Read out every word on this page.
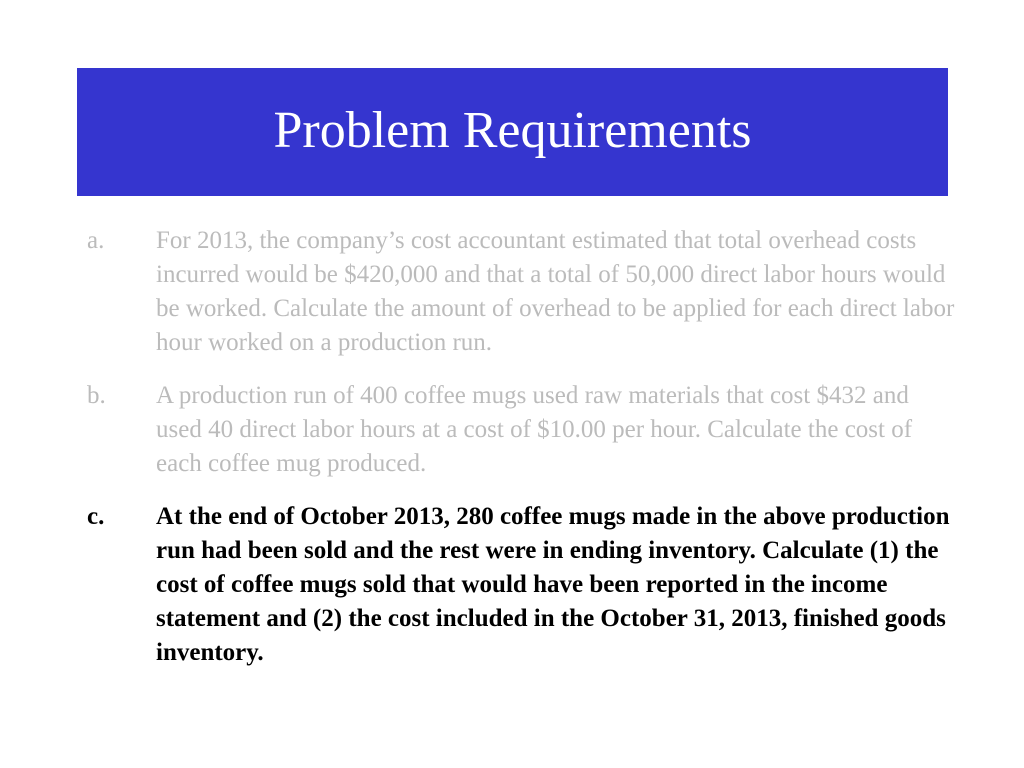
Problem Requirements
a.	For 2013, the company’s cost accountant estimated that total overhead costs incurred would be $420,000 and that a total of 50,000 direct labor hours would be worked. Calculate the amount of overhead to be applied for each direct labor hour worked on a production run.
b.	A production run of 400 coffee mugs used raw materials that cost $432 and used 40 direct labor hours at a cost of $10.00 per hour. Calculate the cost of each coffee mug produced.
c.	At the end of October 2013, 280 coffee mugs made in the above production run had been sold and the rest were in ending inventory. Calculate (1) the cost of coffee mugs sold that would have been reported in the income statement and (2) the cost included in the October 31, 2013, finished goods inventory.
